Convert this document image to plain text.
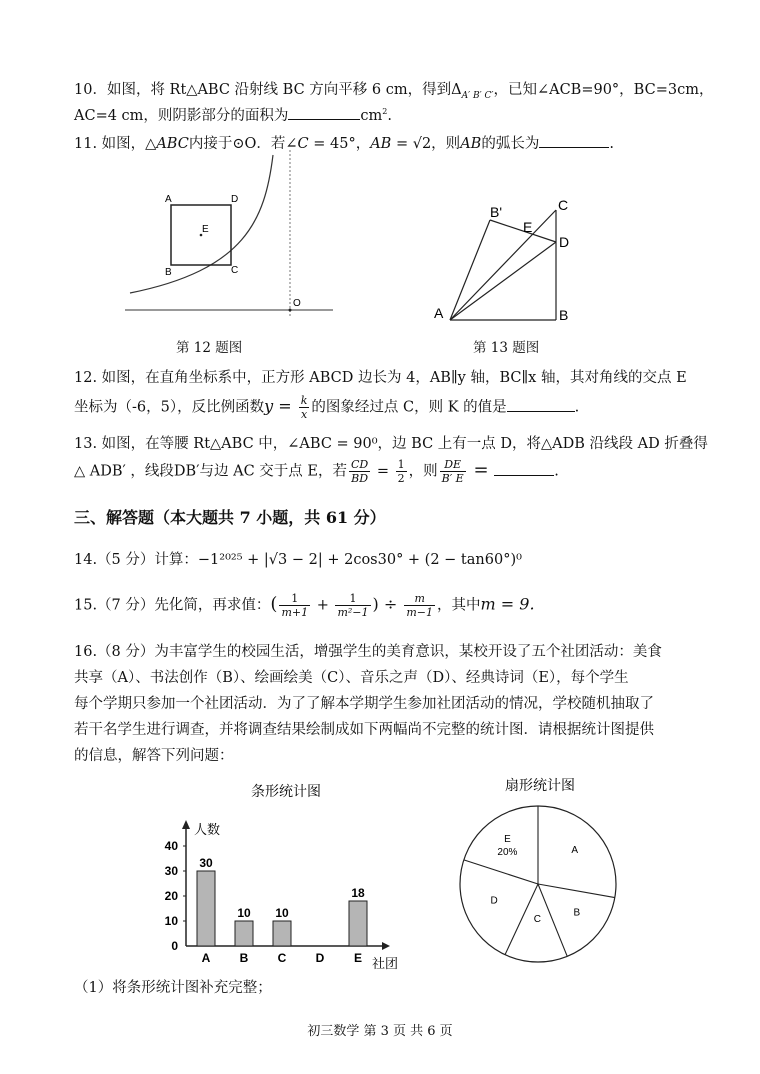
10．如图，将 Rt△ABC 沿射线 BC 方向平移 6 cm，得到$\Delta_{A' B' C'}$，已知∠ACB=90°，BC=3cm，
AC=4 cm，则阴影部分的面积为	$cm^2$.
11. 如图，△ABC内接于⊙O．若∠C = 45°，AB = √2，则AB的弧长为	.
A	D
E
B	C
O
第 12 题图
B'
E
C
D
A	B
第 13 题图
12. 如图，在直角坐标系中，正方形 ABCD 边长为 4，AB∥y 轴，BC∥x 轴，其对角线的交点 E
坐标为（-6，5），反比例函数$y = \frac{k}{x}$ 的图象经过点 C，则 K 的值是	.
13. 如图，在等腰 Rt△ABC 中，∠ABC = 90⁰，边 BC 上有一点 D，将△ADB 沿线段 AD 折叠得
△ ADB′ ，线段DB′与边 AC 交于点 E，若 $\frac{CD}{BD} = \frac{1}{2}$ ，则 $\frac{DE}{B' E}$ =	.
三、解答题（本大题共 7 小题，共 61 分）
14.（5 分）计算：−1²⁰²⁵ + |√3 − 2| + 2cos30° + (2 − tan60°)⁰
15.（7 分）先化简，再求值：( $\frac{1}{m+1} + \frac{1}{\text{m²−1}}$ ) ÷ $\frac{m}{m-1}$ ，其中m = 9.
16.（8 分）为丰富学生的校园生活，增强学生的美育意识，某校开设了五个社团活动：美食
共享（A）、书法创作（B）、绘画绘美（C）、音乐之声（D）、经典诗词（E），每个学生
每个学期只参加一个社团活动．为了了解本学期学生参加社团活动的情况，学校随机抽取了
若干名学生进行调查，并将调查结果绘制成如下两幅尚不完整的统计图．请根据统计图提供
的信息，解答下列问题：
条形统计图
人数
社团
0
10
20
30
40
A
30
B
10
C
10
D E
18
扇形统计图
A
B
C
D
E
20%
（1）将条形统计图补充完整；
初三数学 第 3 页 共 6 页
